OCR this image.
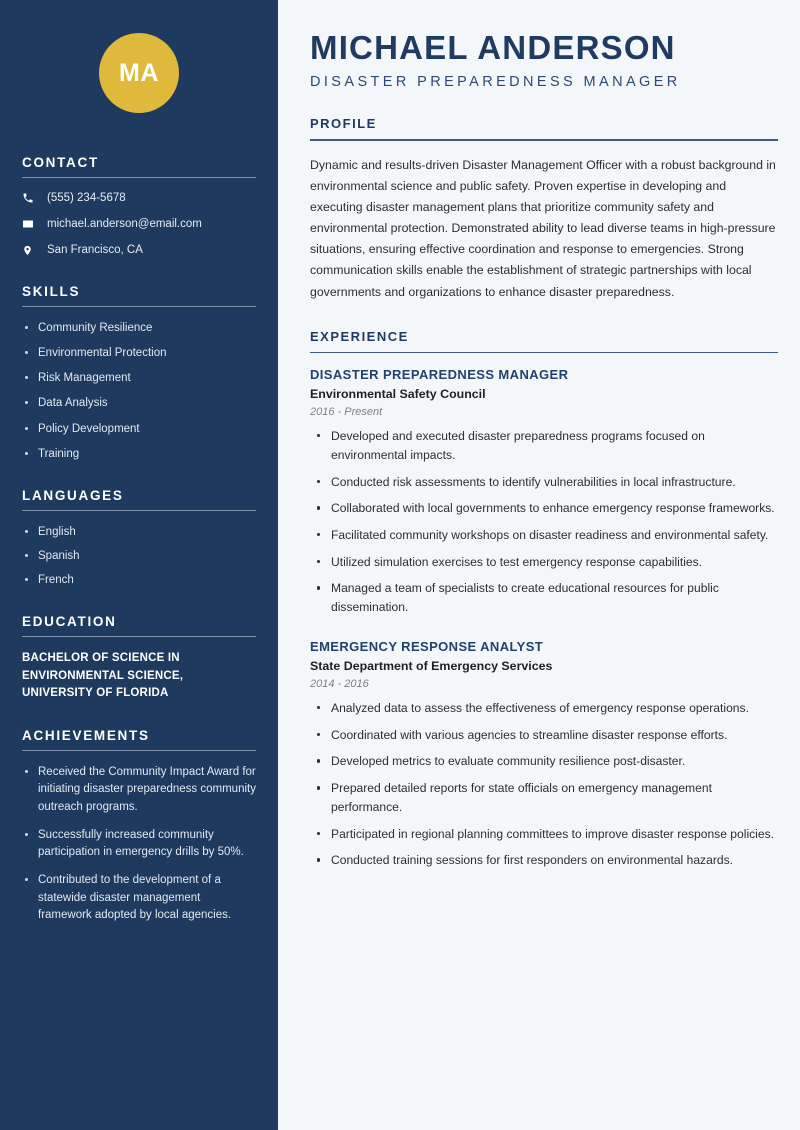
MA
CONTACT
(555) 234-5678
michael.anderson@email.com
San Francisco, CA
SKILLS
Community Resilience
Environmental Protection
Risk Management
Data Analysis
Policy Development
Training
LANGUAGES
English
Spanish
French
EDUCATION
BACHELOR OF SCIENCE IN ENVIRONMENTAL SCIENCE, UNIVERSITY OF FLORIDA
ACHIEVEMENTS
Received the Community Impact Award for initiating disaster preparedness community outreach programs.
Successfully increased community participation in emergency drills by 50%.
Contributed to the development of a statewide disaster management framework adopted by local agencies.
MICHAEL ANDERSON
DISASTER PREPAREDNESS MANAGER
PROFILE

Dynamic and results-driven Disaster Management Officer with a robust background in environmental science and public safety. Proven expertise in developing and executing disaster management plans that prioritize community safety and environmental protection. Demonstrated ability to lead diverse teams in high-pressure situations, ensuring effective coordination and response to emergencies. Strong communication skills enable the establishment of strategic partnerships with local governments and organizations to enhance disaster preparedness.

EXPERIENCE
DISASTER PREPAREDNESS MANAGER
Environmental Safety Council
2016 - Present
Developed and executed disaster preparedness programs focused on environmental impacts.
Conducted risk assessments to identify vulnerabilities in local infrastructure.
Collaborated with local governments to enhance emergency response frameworks.
Facilitated community workshops on disaster readiness and environmental safety.
Utilized simulation exercises to test emergency response capabilities.
Managed a team of specialists to create educational resources for public dissemination.
EMERGENCY RESPONSE ANALYST
State Department of Emergency Services
2014 - 2016
Analyzed data to assess the effectiveness of emergency response operations.
Coordinated with various agencies to streamline disaster response efforts.
Developed metrics to evaluate community resilience post-disaster.
Prepared detailed reports for state officials on emergency management performance.
Participated in regional planning committees to improve disaster response policies.
Conducted training sessions for first responders on environmental hazards.
